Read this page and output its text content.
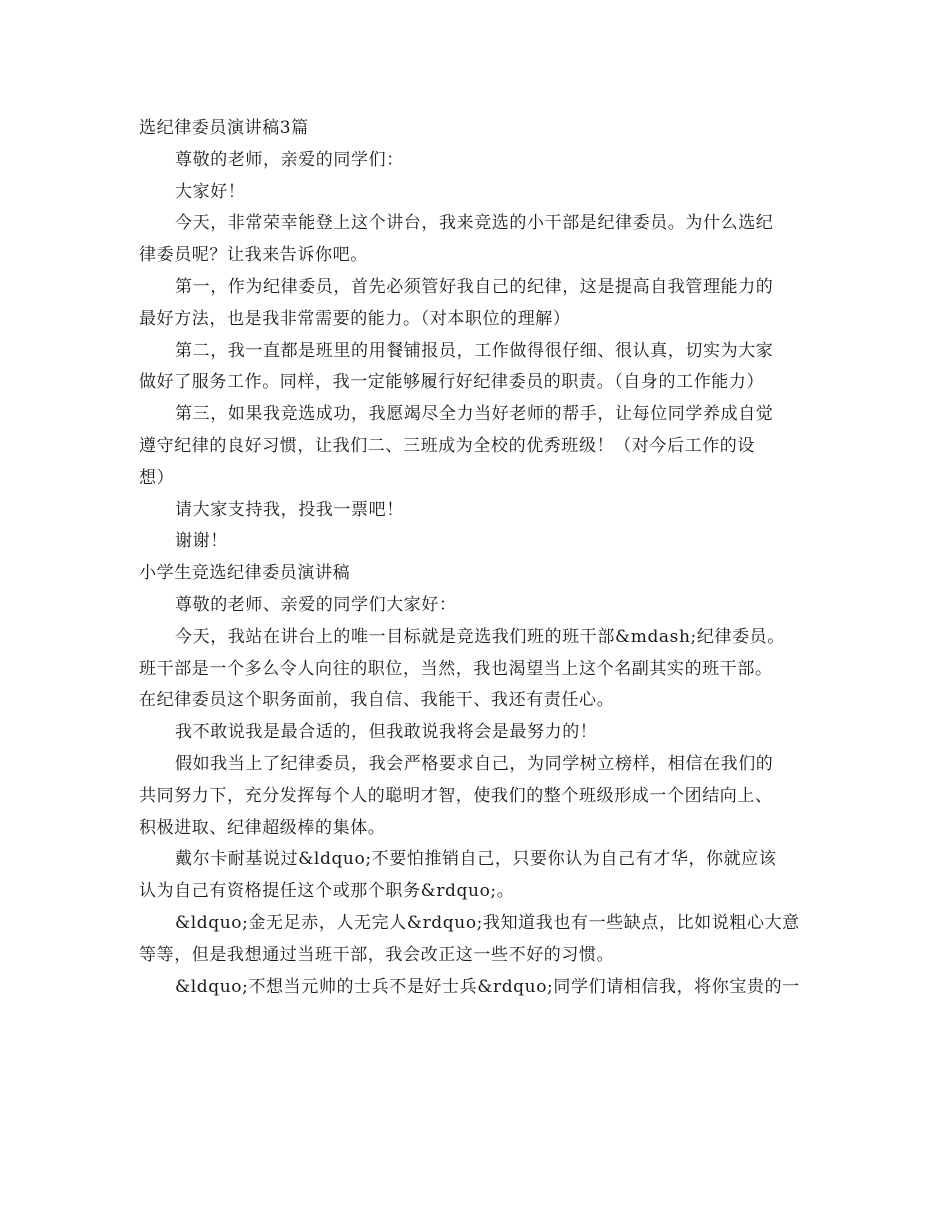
选纪律委员演讲稿3篇
尊敬的老师，亲爱的同学们：
大家好！
今天，非常荣幸能登上这个讲台，我来竞选的小干部是纪律委员。为什么选纪
律委员呢？让我来告诉你吧。
第一，作为纪律委员，首先必须管好我自己的纪律，这是提高自我管理能力的
最好方法，也是我非常需要的能力。（对本职位的理解）
第二，我一直都是班里的用餐铺报员，工作做得很仔细、很认真，切实为大家
做好了服务工作。同样，我一定能够履行好纪律委员的职责。（自身的工作能力）
第三，如果我竞选成功，我愿竭尽全力当好老师的帮手，让每位同学养成自觉
遵守纪律的良好习惯，让我们二、三班成为全校的优秀班级！（对今后工作的设
想）
请大家支持我，投我一票吧！
谢谢！
小学生竞选纪律委员演讲稿
尊敬的老师、亲爱的同学们大家好：
今天，我站在讲台上的唯一目标就是竞选我们班的班干部&mdash;纪律委员。
班干部是一个多么令人向往的职位，当然，我也渴望当上这个名副其实的班干部。
在纪律委员这个职务面前，我自信、我能干、我还有责任心。
我不敢说我是最合适的，但我敢说我将会是最努力的！
假如我当上了纪律委员，我会严格要求自己，为同学树立榜样，相信在我们的
共同努力下，充分发挥每个人的聪明才智，使我们的整个班级形成一个团结向上、
积极进取、纪律超级棒的集体。
戴尔卡耐基说过&ldquo;不要怕推销自己，只要你认为自己有才华，你就应该
认为自己有资格提任这个或那个职务&rdquo;。
&ldquo;金无足赤，人无完人&rdquo;我知道我也有一些缺点，比如说粗心大意
等等，但是我想通过当班干部，我会改正这一些不好的习惯。
&ldquo;不想当元帅的士兵不是好士兵&rdquo;同学们请相信我，将你宝贵的一
